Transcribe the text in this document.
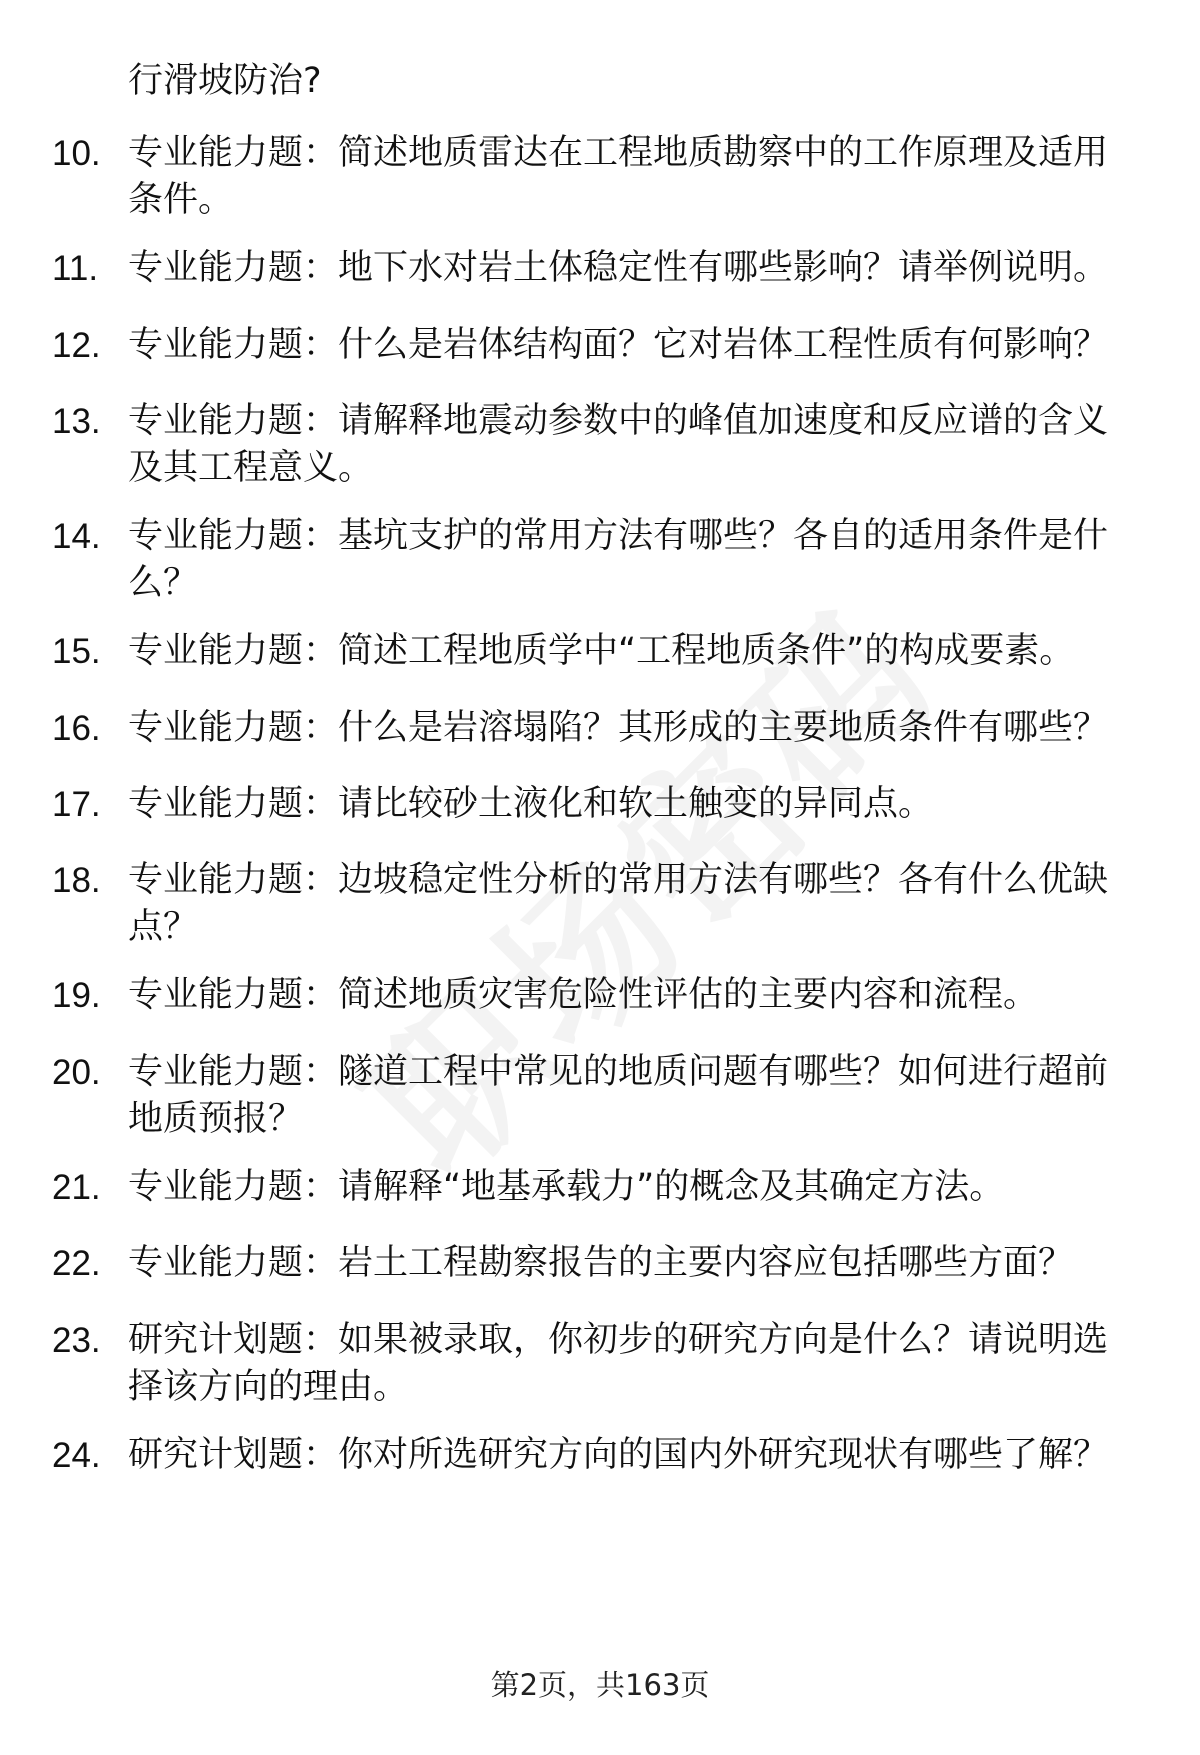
行滑坡防治?
10. 专业能力题：简述地质雷达在工程地质勘察中的工作原理及适用条件。
11. 专业能力题：地下水对岩土体稳定性有哪些影响？请举例说明。
12. 专业能力题：什么是岩体结构面？它对岩体工程性质有何影响？
13. 专业能力题：请解释地震动参数中的峰值加速度和反应谱的含义及其工程意义。
14. 专业能力题：基坑支护的常用方法有哪些？各自的适用条件是什么？
15. 专业能力题：简述工程地质学中“工程地质条件”的构成要素。
16. 专业能力题：什么是岩溶塌陷？其形成的主要地质条件有哪些？
17. 专业能力题：请比较砂土液化和软土触变的异同点。
18. 专业能力题：边坡稳定性分析的常用方法有哪些？各有什么优缺点？
19. 专业能力题：简述地质灾害危险性评估的主要内容和流程。
20. 专业能力题：隧道工程中常见的地质问题有哪些？如何进行超前地质预报？
21. 专业能力题：请解释“地基承载力”的概念及其确定方法。
22. 专业能力题：岩土工程勘察报告的主要内容应包括哪些方面？
23. 研究计划题：如果被录取，你初步的研究方向是什么？请说明选择该方向的理由。
24. 研究计划题：你对所选研究方向的国内外研究现状有哪些了解？
第2页，共163页
